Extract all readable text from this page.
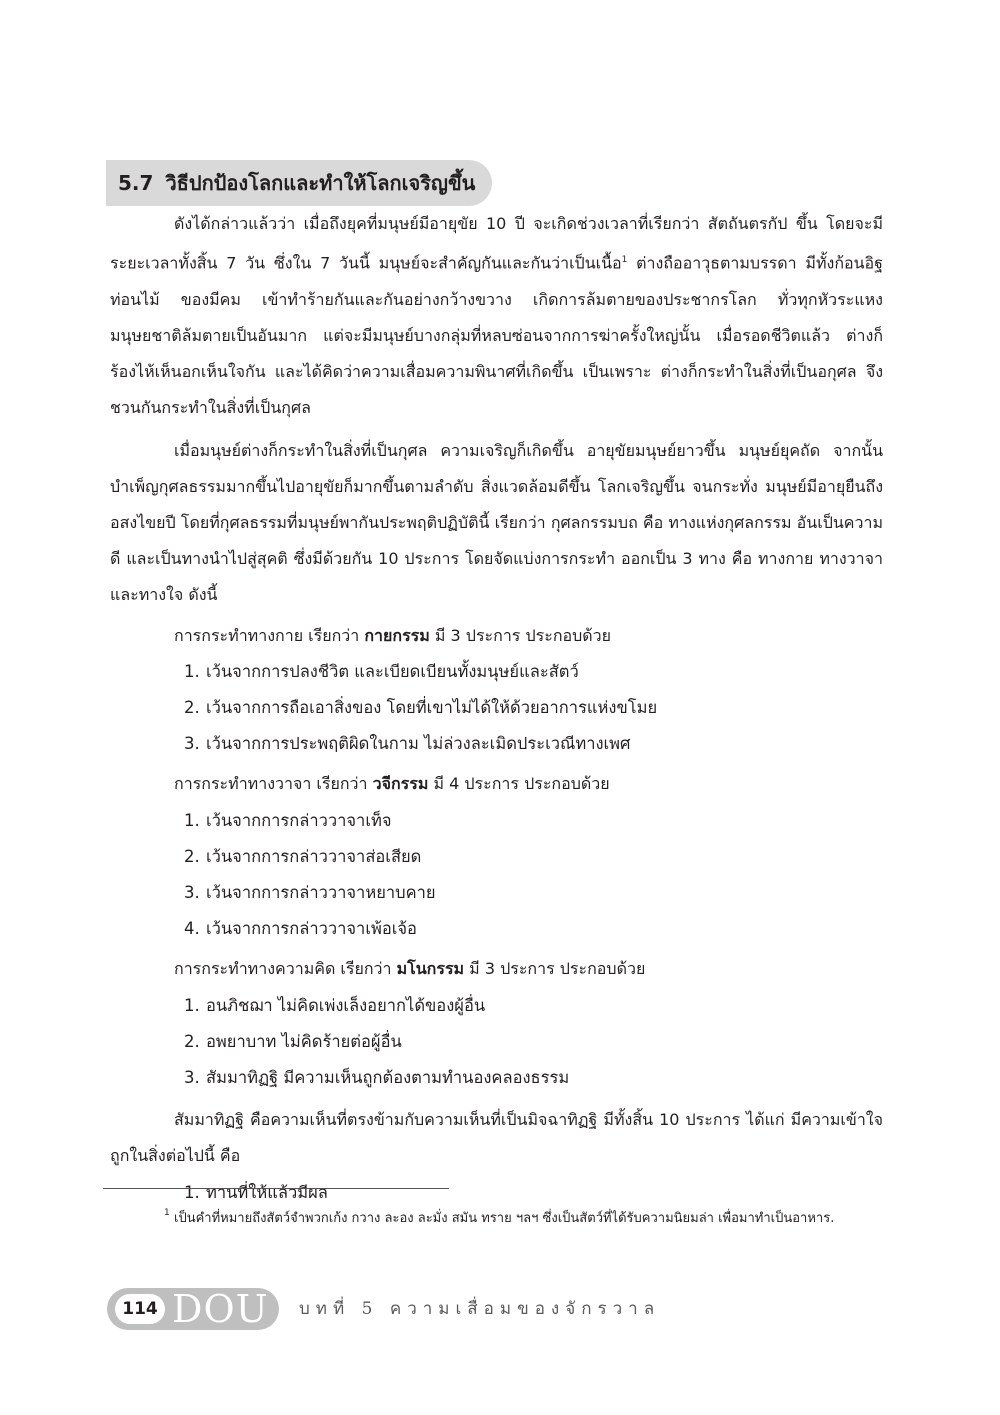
5.7 วิธีปกป้องโลกและทำให้โลกเจริญขึ้น

ดังได้กล่าวแล้วว่า เมื่อถึงยุคที่มนุษย์มีอายุขัย 10 ปี จะเกิดช่วงเวลาที่เรียกว่า สัตถันตรกัป ขึ้น โดยจะมีระยะเวลาทั้งสิ้น 7 วัน ซึ่งใน 7 วันนี้ มนุษย์จะสำคัญกันและกันว่าเป็นเนื้อ$^1$ ต่างถืออาวุธตามบรรดา มีทั้งก้อนอิฐ ท่อนไม้ ของมีคม เข้าทำร้ายกันและกันอย่างกว้างขวาง เกิดการล้มตายของประชากรโลก ทั่วทุกหัวระแหง มนุษยชาติล้มตายเป็นอันมาก แต่จะมีมนุษย์บางกลุ่มที่หลบซ่อนจากการฆ่าครั้งใหญ่นั้น เมื่อรอดชีวิตแล้ว ต่างก็ร้องไห้เห็นอกเห็นใจกัน และได้คิดว่าความเสื่อมความพินาศที่เกิดขึ้น เป็นเพราะ ต่างก็กระทำในสิ่งที่เป็นอกุศล จึงชวนกันกระทำในสิ่งที่เป็นกุศล

เมื่อมนุษย์ต่างก็กระทำในสิ่งที่เป็นกุศล ความเจริญก็เกิดขึ้น อายุขัยมนุษย์ยาวขึ้น มนุษย์ยุคถัด จากนั้นบำเพ็ญกุศลธรรมมากขึ้นไปอายุขัยก็มากขึ้นตามลำดับ สิ่งแวดล้อมดีขึ้น โลกเจริญขึ้น จนกระทั่ง มนุษย์มีอายุยืนถึงอสงไขยปี โดยที่กุศลธรรมที่มนุษย์พากันประพฤติปฏิบัตินี้ เรียกว่า กุศลกรรมบถ คือ ทางแห่งกุศลกรรม อันเป็นความดี และเป็นทางนำไปสู่สุคติ ซึ่งมีด้วยกัน 10 ประการ โดยจัดแบ่งการกระทำ ออกเป็น 3 ทาง คือ ทางกาย ทางวาจา และทางใจ ดังนี้

การกระทำทางกาย เรียกว่า กายกรรม มี 3 ประการ ประกอบด้วย

1. เว้นจากการปลงชีวิต และเบียดเบียนทั้งมนุษย์และสัตว์

2. เว้นจากการถือเอาสิ่งของ โดยที่เขาไม่ได้ให้ด้วยอาการแห่งขโมย

3. เว้นจากการประพฤติผิดในกาม ไม่ล่วงละเมิดประเวณีทางเพศ

การกระทำทางวาจา เรียกว่า วจีกรรม มี 4 ประการ ประกอบด้วย

1. เว้นจากการกล่าววาจาเท็จ

2. เว้นจากการกล่าววาจาส่อเสียด

3. เว้นจากการกล่าววาจาหยาบคาย

4. เว้นจากการกล่าววาจาเพ้อเจ้อ

การกระทำทางความคิด เรียกว่า มโนกรรม มี 3 ประการ ประกอบด้วย

1. อนภิชฌา ไม่คิดเพ่งเล็งอยากได้ของผู้อื่น

2. อพยาบาท ไม่คิดร้ายต่อผู้อื่น

3. สัมมาทิฏฐิ มีความเห็นถูกต้องตามทำนองคลองธรรม

สัมมาทิฏฐิ คือความเห็นที่ตรงข้ามกับความเห็นที่เป็นมิจฉาทิฏฐิ มีทั้งสิ้น 10 ประการ ได้แก่ มีความเข้าใจถูกในสิ่งต่อไปนี้ คือ

1. ทานที่ให้แล้วมีผล

1 เป็นคำที่หมายถึงสัตว์จำพวกเก้ง กวาง ละอง ละมั่ง สมัน ทราย ฯลฯ ซึ่งเป็นสัตว์ที่ได้รับความนิยมล่า เพื่อมาทำเป็นอาหาร.
114 DOU บทที่ 5 ความเสื่อมของจักรวาล
